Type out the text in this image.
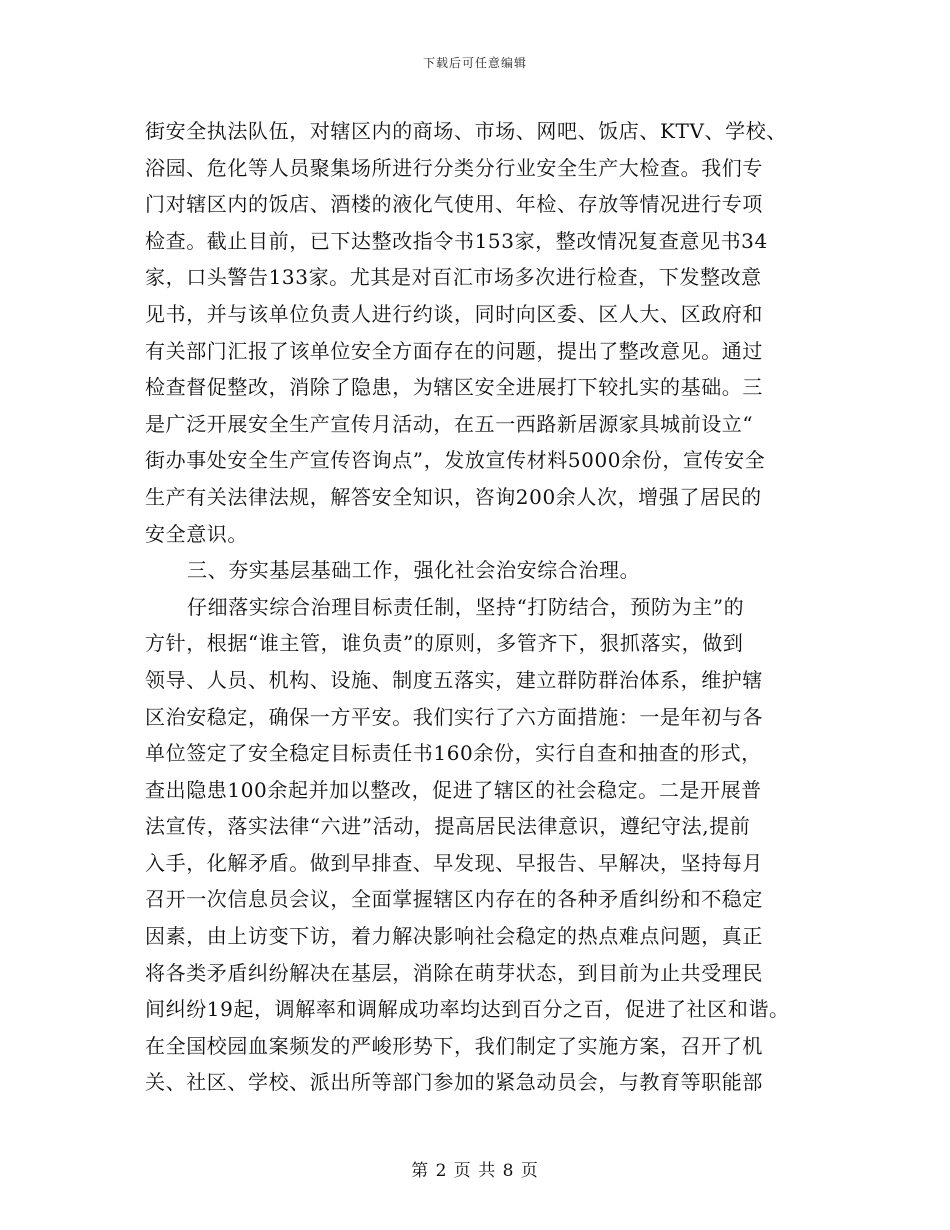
下载后可任意编辑
街安全执法队伍，对辖区内的商场、市场、网吧、饭店、KTV、学校、
浴园、危化等人员聚集场所进行分类分行业安全生产大检查。我们专
门对辖区内的饭店、酒楼的液化气使用、年检、存放等情况进行专项
检查。截止目前，已下达整改指令书153家，整改情况复查意见书34
家，口头警告133家。尤其是对百汇市场多次进行检查，下发整改意
见书，并与该单位负责人进行约谈，同时向区委、区人大、区政府和
有关部门汇报了该单位安全方面存在的问题，提出了整改意见。通过
检查督促整改，消除了隐患，为辖区安全进展打下较扎实的基础。三
是广泛开展安全生产宣传月活动，在五一西路新居源家具城前设立“
街办事处安全生产宣传咨询点”，发放宣传材料5000余份，宣传安全
生产有关法律法规，解答安全知识，咨询200余人次，增强了居民的
安全意识。
三、夯实基层基础工作，强化社会治安综合治理。
仔细落实综合治理目标责任制，坚持“打防结合，预防为主”的
方针，根据“谁主管，谁负责”的原则，多管齐下，狠抓落实，做到
领导、人员、机构、设施、制度五落实，建立群防群治体系，维护辖
区治安稳定，确保一方平安。我们实行了六方面措施：一是年初与各
单位签定了安全稳定目标责任书160余份，实行自查和抽查的形式，
查出隐患100余起并加以整改，促进了辖区的社会稳定。二是开展普
法宣传，落实法律“六进”活动，提高居民法律意识，遵纪守法,提前
入手，化解矛盾。做到早排查、早发现、早报告、早解决，坚持每月
召开一次信息员会议，全面掌握辖区内存在的各种矛盾纠纷和不稳定
因素，由上访变下访，着力解决影响社会稳定的热点难点问题，真正
将各类矛盾纠纷解决在基层，消除在萌芽状态，到目前为止共受理民
间纠纷19起，调解率和调解成功率均达到百分之百，促进了社区和谐。
在全国校园血案频发的严峻形势下，我们制定了实施方案，召开了机
关、社区、学校、派出所等部门参加的紧急动员会，与教育等职能部
第 2 页 共 8 页
